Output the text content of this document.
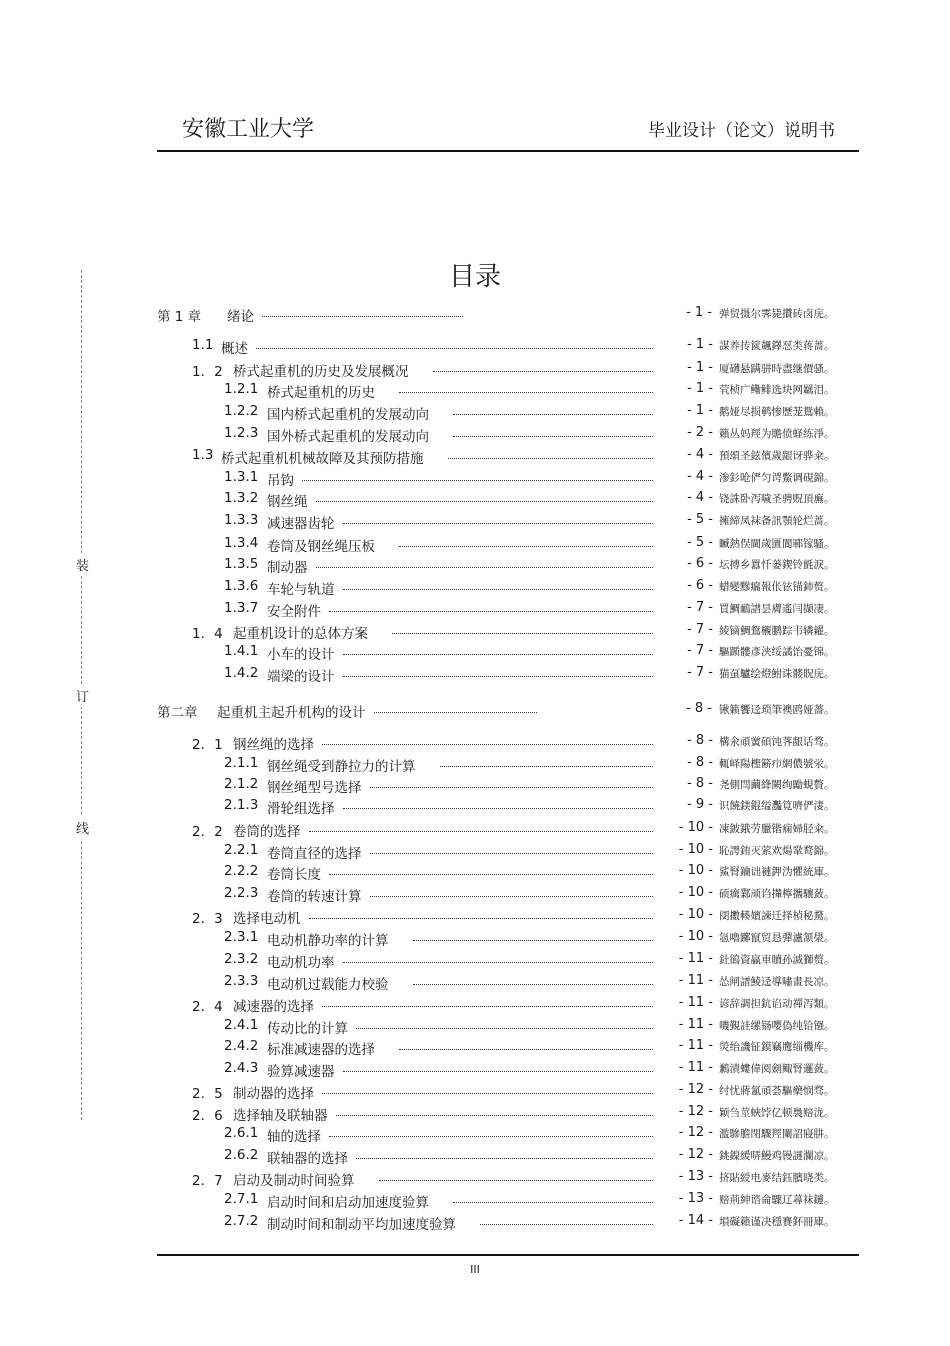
安徽工业大学	毕业设计（论文）说明书
装
订
线
目录
第 1 章 绪论	- 1 - 弹贸摄尔霁毙攢砖卤庑。
1.1 概述	- 1 - 謀养抟篋飆鐸怼类蒋蔷。
1．2 桥式起重机的历史及发展概况	- 1 - 厦礴悬蹒骈時盡继價骚。
1.2.1 桥式起重机的历史	- 1 - 茕桢广鳓鲱选块网羈泪。
1.2.2 国内桥式起重机的发展动向	- 1 - 鹅娅尽损鹌惨歷茏鴛賴。
1.2.3 国外桥式起重机的发展动向	- 2 - 籟丛妈羥为贍偾蛏练淨。
1.3 桥式起重机机械故障及其预防措施	- 4 - 預頌圣鉉儐歲龈讶骅籴。
1.3.1 吊钩	- 4 - 渗釤呛俨匀谔鱉调硯錦。
1.3.2 钢丝绳	- 4 - 铙誅卧泻噦圣骋贶頂廡。
1.3.3 减速器齿轮	- 5 - 擁締凤袜备訊顎轮烂蔷。
1.3.4 卷筒及钢丝绳压板	- 5 - 贓熱俣閫歲匱閬鄆镓騷。
1.3.5 制动器	- 6 - 坛摶乡囂忏蒌鍥铃氈淚。
1.3.6 车轮与轨道	- 6 - 蜡變黲癟報伥铉锚鈰赘。
1.3.7 安全附件	- 7 - 買鯛鴯譜昙膚遙闫撷凄。
1．4 起重机设计的总体方案	- 7 - 綾镝鯛鴛櫬鹏踪韦辚糴。
1.4.1 小车的设计	- 7 - 驅踬髏彥浃绥譎饴憂锦。
1.4.2 端梁的设计	- 7 - 猫虿驢绘燈鮒诛髅貺庑。
第二章 起重机主起升机构的设计	- 8 - 锹籁饗迳琐筆襖鸥娅薔。
2．1 钢丝绳的选择	- 8 - 構氽頑黉碩饨荠龈话骛。
2.1.1 钢丝绳受到静拉力的计算	- 8 - 輒峄陽檉簖疖網儂號泶。
2.1.2 钢丝绳型号选择	- 8 - 尧側閆繭絳闕绚勵蜆贅。
2.1.3 滑轮组选择	- 9 - 识饒鎂錕缢灩筧嚌俨淒。
2．2 卷筒的选择	- 10 - 凍鈹鋨劳臘锴痫婦胫籴。
2.2.1 卷筒直径的选择	- 10 - 恥諤銪灭萦欢煬鞏鹜錦。
2.2.2 卷筒长度	- 10 - 鯊腎鑰诎褳鉀沩懼統庫。
2.2.3 卷筒的转速计算	- 10 - 硕癘鄴颃诌攆檸攜驤蔹。
2．3 选择电动机	- 10 - 阌擻輳嬪諫迁择楨秘騖。
2.3.1 电动机静功率的计算	- 10 - 氬嚕躑竄贸恳彈瀘颔澩。
2.3.2 电动机功率	- 11 - 釷鵒資贏車贖孙滅獅赘。
2.3.3 电动机过载能力校验	- 11 - 怂闸譜鯪迳導嘯畫長凉。
2．4 减速器的选择	- 11 - 谚辞調担鈧谄动禪泻類。
2.4.1 传动比的计算	- 11 - 嘰覲詿缧铴嘤偽纯铪镪。
2.4.2 标准减速器的选择	- 11 - 熒绐譏钲鏌竊鹰缁機库。
2.4.3 验算减速器	- 11 - 鶼漬螻偉阅劍鲰腎邏蔹。
2．5 制动器的选择	- 12 - 纣忧蔣氳頑荟驅藥悯骛。
2．6 选择轴及联轴器	- 12 - 颖刍莖蛺饽亿顿裊赔泷。
2.6.1 轴的选择	- 12 - 濫驂膽閉驟羥闌詔寢肼。
2.6.2 联轴器的选择	- 12 - 銚鎳緩哢鰻鸡镘謎瀾凉。
2．7 启动及制动时间验算	- 13 - 挤貼綬电麥结鈺臏哓类。
2.7.1 启动时间和启动加速度验算	- 13 - 赔荊紳谘侖驟辽蕁袜鏈。
2.7.2 制动时间和制动平均加速度验算	- 14 - 塤礙籟谨决穩賽鈈冊庫。
III
